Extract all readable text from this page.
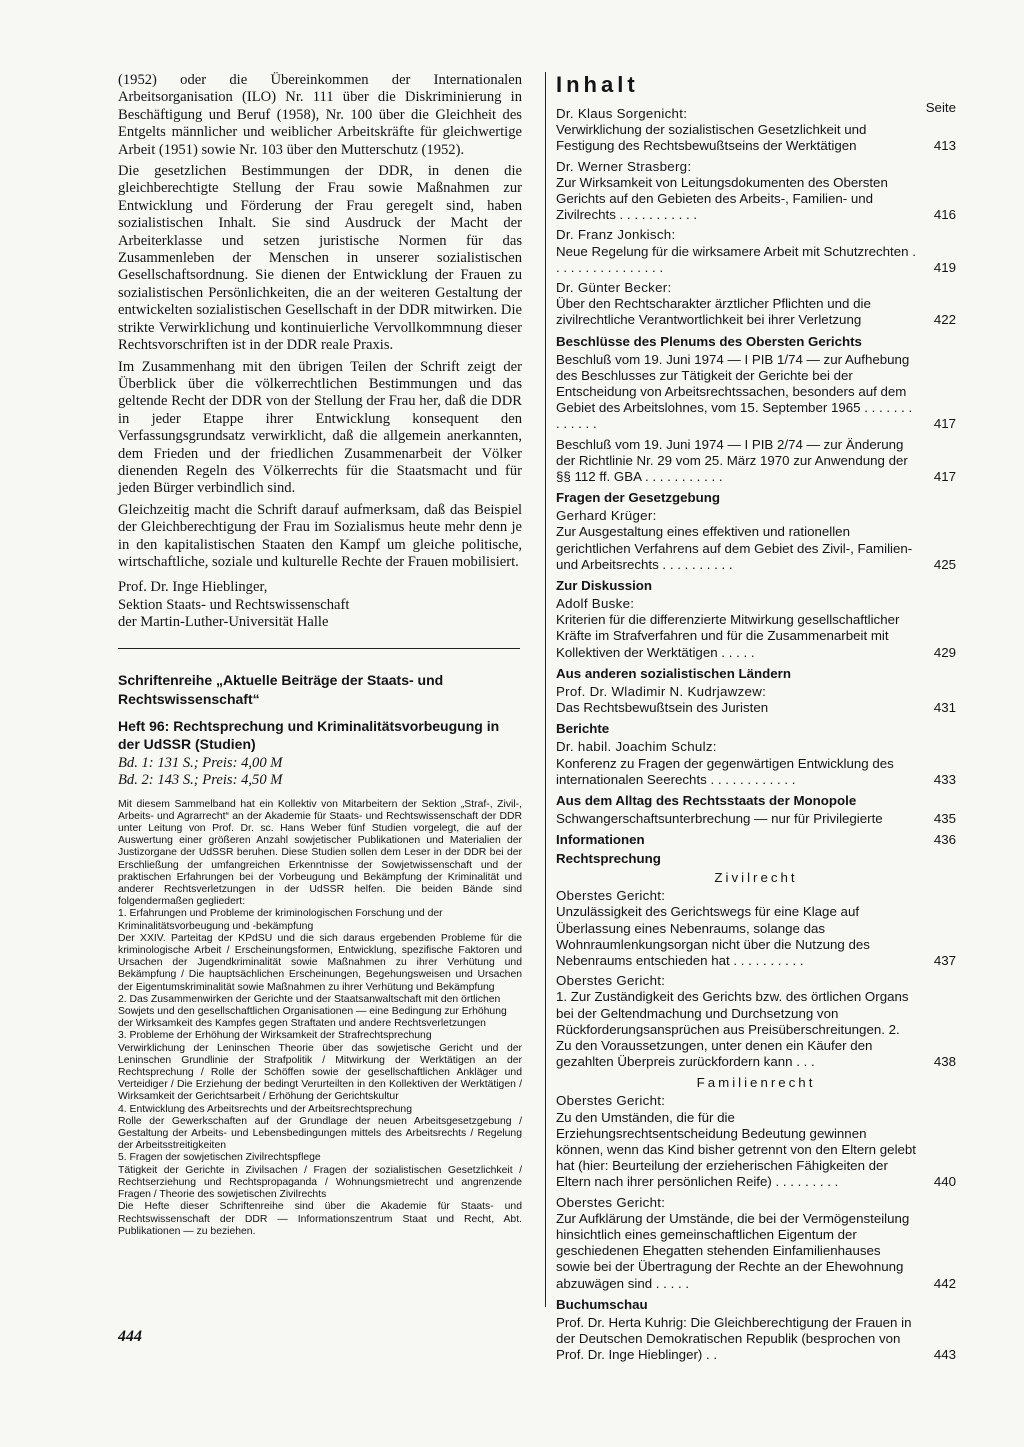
(1952) oder die Übereinkommen der Internationalen Arbeitsorganisation (ILO) Nr. 111 über die Diskriminierung in Beschäftigung und Beruf (1958), Nr. 100 über die Gleichheit des Entgelts männlicher und weiblicher Arbeitskräfte für gleichwertige Arbeit (1951) sowie Nr. 103 über den Mutterschutz (1952).

Die gesetzlichen Bestimmungen der DDR, in denen die gleichberechtigte Stellung der Frau sowie Maßnahmen zur Entwicklung und Förderung der Frau geregelt sind, haben sozialistischen Inhalt. Sie sind Ausdruck der Macht der Arbeiterklasse und setzen juristische Normen für das Zusammenleben der Menschen in unserer sozialistischen Gesellschaftsordnung. Sie dienen der Entwicklung der Frauen zu sozialistischen Persönlichkeiten, die an der weiteren Gestaltung der entwickelten sozialistischen Gesellschaft in der DDR mitwirken. Die strikte Verwirklichung und kontinuierliche Vervollkommnung dieser Rechtsvorschriften ist in der DDR reale Praxis.

Im Zusammenhang mit den übrigen Teilen der Schrift zeigt der Überblick über die völkerrechtlichen Bestimmungen und das geltende Recht der DDR von der Stellung der Frau her, daß die DDR in jeder Etappe ihrer Entwicklung konsequent den Verfassungsgrundsatz verwirklicht, daß die allgemein anerkannten, dem Frieden und der friedlichen Zusammenarbeit der Völker dienenden Regeln des Völkerrechts für die Staatsmacht und für jeden Bürger verbindlich sind.

Gleichzeitig macht die Schrift darauf aufmerksam, daß das Beispiel der Gleichberechtigung der Frau im Sozialismus heute mehr denn je in den kapitalistischen Staaten den Kampf um gleiche politische, wirtschaftliche, soziale und kulturelle Rechte der Frauen mobilisiert.

Prof. Dr. Inge Hieblinger,
Sektion Staats- und Rechtswissenschaft
der Martin-Luther-Universität Halle

Schriftenreihe „Aktuelle Beiträge der Staats- und Rechtswissenschaft“

Heft 96: Rechtsprechung und Kriminalitätsvorbeugung in der UdSSR (Studien)

Bd. 1: 131 S.; Preis: 4,00 M

Bd. 2: 143 S.; Preis: 4,50 M

Mit diesem Sammelband hat ein Kollektiv von Mitarbeitern der Sektion „Straf-, Zivil-, Arbeits- und Agrarrecht“ an der Akademie für Staats- und Rechtswissenschaft der DDR unter Leitung von Prof. Dr. sc. Hans Weber fünf Studien vorgelegt, die auf der Auswertung einer größeren Anzahl sowjetischer Publikationen und Materialien der Justizorgane der UdSSR beruhen. Diese Studien sollen dem Leser in der DDR bei der Erschließung der umfangreichen Erkenntnisse der Sowjetwissenschaft und der praktischen Erfahrungen bei der Vorbeugung und Bekämpfung der Kriminalität und anderer Rechtsverletzungen in der UdSSR helfen. Die beiden Bände sind folgendermaßen gegliedert:

1. Erfahrungen und Probleme der kriminologischen Forschung und der Kriminalitätsvorbeugung und -bekämpfung

Der XXIV. Parteitag der KPdSU und die sich daraus ergebenden Probleme für die kriminologische Arbeit / Erscheinungsformen, Entwicklung, spezifische Faktoren und Ursachen der Jugendkriminalität sowie Maßnahmen zu ihrer Verhütung und Bekämpfung / Die hauptsächlichen Erscheinungen, Begehungsweisen und Ursachen der Eigentumskriminalität sowie Maßnahmen zu ihrer Verhütung und Bekämpfung

2. Das Zusammenwirken der Gerichte und der Staatsanwaltschaft mit den örtlichen Sowjets und den gesellschaftlichen Organisationen — eine Bedingung zur Erhöhung der Wirksamkeit des Kampfes gegen Straftaten und andere Rechtsverletzungen

3. Probleme der Erhöhung der Wirksamkeit der Strafrechtsprechung

Verwirklichung der Leninschen Theorie über das sowjetische Gericht und der Leninschen Grundlinie der Strafpolitik / Mitwirkung der Werktätigen an der Rechtsprechung / Rolle der Schöffen sowie der gesellschaftlichen Ankläger und Verteidiger / Die Erziehung der bedingt Verurteilten in den Kollektiven der Werktätigen / Wirksamkeit der Gerichtsarbeit / Erhöhung der Gerichtskultur

4. Entwicklung des Arbeitsrechts und der Arbeitsrechtsprechung

Rolle der Gewerkschaften auf der Grundlage der neuen Arbeitsgesetzgebung / Gestaltung der Arbeits- und Lebensbedingungen mittels des Arbeitsrechts / Regelung der Arbeitsstreitigkeiten

5. Fragen der sowjetischen Zivilrechtspflege

Tätigkeit der Gerichte in Zivilsachen / Fragen der sozialistischen Gesetzlichkeit / Rechtserziehung und Rechtspropaganda / Wohnungsmietrecht und angrenzende Fragen / Theorie des sowjetischen Zivilrechts

Die Hefte dieser Schriftenreihe sind über die Akademie für Staats- und Rechtswissenschaft der DDR — Informationszentrum Staat und Recht, Abt. Publikationen — zu beziehen.

444
Inhalt
Seite
Dr. Klaus Sorgenicht:
Verwirklichung der sozialistischen Gesetzlichkeit und Festigung des Rechtsbewußtseins der Werktätigen	413
Dr. Werner Strasberg:
Zur Wirksamkeit von Leitungsdokumenten des Obersten Gerichts auf den Gebieten des Arbeits-, Familien- und Zivilrechts . . . . . . . . . . .	416
Dr. Franz Jonkisch:
Neue Regelung für die wirksamere Arbeit mit Schutzrechten . . . . . . . . . . . . . . . .	419
Dr. Günter Becker:
Über den Rechtscharakter ärztlicher Pflichten und die zivilrechtliche Verantwortlichkeit bei ihrer Verletzung	422
Beschlüsse des Plenums des Obersten Gerichts
Beschluß vom 19. Juni 1974 — I PIB 1/74 — zur Aufhebung des Beschlusses zur Tätigkeit der Gerichte bei der Entscheidung von Arbeitsrechtssachen, besonders auf dem Gebiet des Arbeitslohnes, vom 15. September 1965 . . . . . . . . . . . . .	417
Beschluß vom 19. Juni 1974 — I PIB 2/74 — zur Änderung der Richtlinie Nr. 29 vom 25. März 1970 zur Anwendung der §§ 112 ff. GBA . . . . . . . . . . .	417
Fragen der Gesetzgebung
Gerhard Krüger:
Zur Ausgestaltung eines effektiven und rationellen gerichtlichen Verfahrens auf dem Gebiet des Zivil-, Familien- und Arbeitsrechts . . . . . . . . . .	425
Zur Diskussion
Adolf Buske:
Kriterien für die differenzierte Mitwirkung gesellschaftlicher Kräfte im Strafverfahren und für die Zusammenarbeit mit Kollektiven der Werktätigen . . . . .	429
Aus anderen sozialistischen Ländern
Prof. Dr. Wladimir N. Kudrjawzew:
Das Rechtsbewußtsein des Juristen	431
Berichte
Dr. habil. Joachim Schulz:
Konferenz zu Fragen der gegenwärtigen Entwicklung des internationalen Seerechts . . . . . . . . . . . .	433
Aus dem Alltag des Rechtsstaats der Monopole
Schwangerschaftsunterbrechung — nur für Privilegierte	435
Informationen	436
Rechtsprechung
Zivilrecht
Oberstes Gericht:
Unzulässigkeit des Gerichtswegs für eine Klage auf Überlassung eines Nebenraums, solange das Wohnraumlenkungsorgan nicht über die Nutzung des Nebenraums entschieden hat . . . . . . . . . .	437
Oberstes Gericht:
1. Zur Zuständigkeit des Gerichts bzw. des örtlichen Organs bei der Geltendmachung und Durchsetzung von Rückforderungsansprüchen aus Preisüberschreitungen. 2. Zu den Voraussetzungen, unter denen ein Käufer den gezahlten Überpreis zurückfordern kann . . .	438
Familienrecht
Oberstes Gericht:
Zu den Umständen, die für die Erziehungsrechtsentscheidung Bedeutung gewinnen können, wenn das Kind bisher getrennt von den Eltern gelebt hat (hier: Beurteilung der erzieherischen Fähigkeiten der Eltern nach ihrer persönlichen Reife) . . . . . . . . .	440
Oberstes Gericht:
Zur Aufklärung der Umstände, die bei der Vermögensteilung hinsichtlich eines gemeinschaftlichen Eigentum der geschiedenen Ehegatten stehenden Einfamilienhauses sowie bei der Übertragung der Rechte an der Ehewohnung abzuwägen sind . . . . .	442
Buchumschau
Prof. Dr. Herta Kuhrig: Die Gleichberechtigung der Frauen in der Deutschen Demokratischen Republik (besprochen von Prof. Dr. Inge Hieblinger) . .	443
